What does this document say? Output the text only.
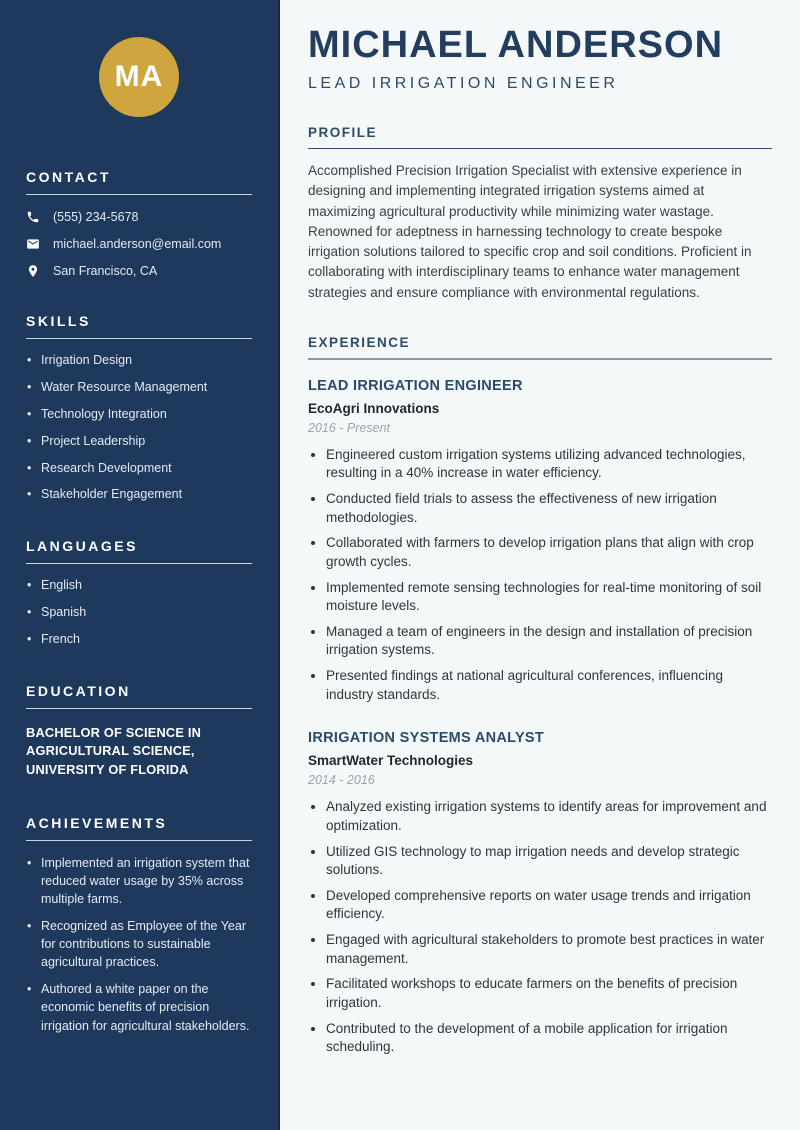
MA
CONTACT
(555) 234-5678
michael.anderson@email.com
San Francisco, CA
SKILLS
• Irrigation Design
• Water Resource Management
• Technology Integration
• Project Leadership
• Research Development
• Stakeholder Engagement
LANGUAGES
• English
• Spanish
• French
EDUCATION
BACHELOR OF SCIENCE IN AGRICULTURAL SCIENCE, UNIVERSITY OF FLORIDA
ACHIEVEMENTS
• Implemented an irrigation system that reduced water usage by 35% across multiple farms.
• Recognized as Employee of the Year for contributions to sustainable agricultural practices.
• Authored a white paper on the economic benefits of precision irrigation for agricultural stakeholders.
MICHAEL ANDERSON
LEAD IRRIGATION ENGINEER
PROFILE

Accomplished Precision Irrigation Specialist with extensive experience in designing and implementing integrated irrigation systems aimed at maximizing agricultural productivity while minimizing water wastage. Renowned for adeptness in harnessing technology to create bespoke irrigation solutions tailored to specific crop and soil conditions. Proficient in collaborating with interdisciplinary teams to enhance water management strategies and ensure compliance with environmental regulations.

EXPERIENCE
LEAD IRRIGATION ENGINEER
EcoAgri Innovations
2016 - Present
• Engineered custom irrigation systems utilizing advanced technologies, resulting in a 40% increase in water efficiency.
• Conducted field trials to assess the effectiveness of new irrigation methodologies.
• Collaborated with farmers to develop irrigation plans that align with crop growth cycles.
• Implemented remote sensing technologies for real-time monitoring of soil moisture levels.
• Managed a team of engineers in the design and installation of precision irrigation systems.
• Presented findings at national agricultural conferences, influencing industry standards.
IRRIGATION SYSTEMS ANALYST
SmartWater Technologies
2014 - 2016
• Analyzed existing irrigation systems to identify areas for improvement and optimization.
• Utilized GIS technology to map irrigation needs and develop strategic solutions.
• Developed comprehensive reports on water usage trends and irrigation efficiency.
• Engaged with agricultural stakeholders to promote best practices in water management.
• Facilitated workshops to educate farmers on the benefits of precision irrigation.
• Contributed to the development of a mobile application for irrigation scheduling.
